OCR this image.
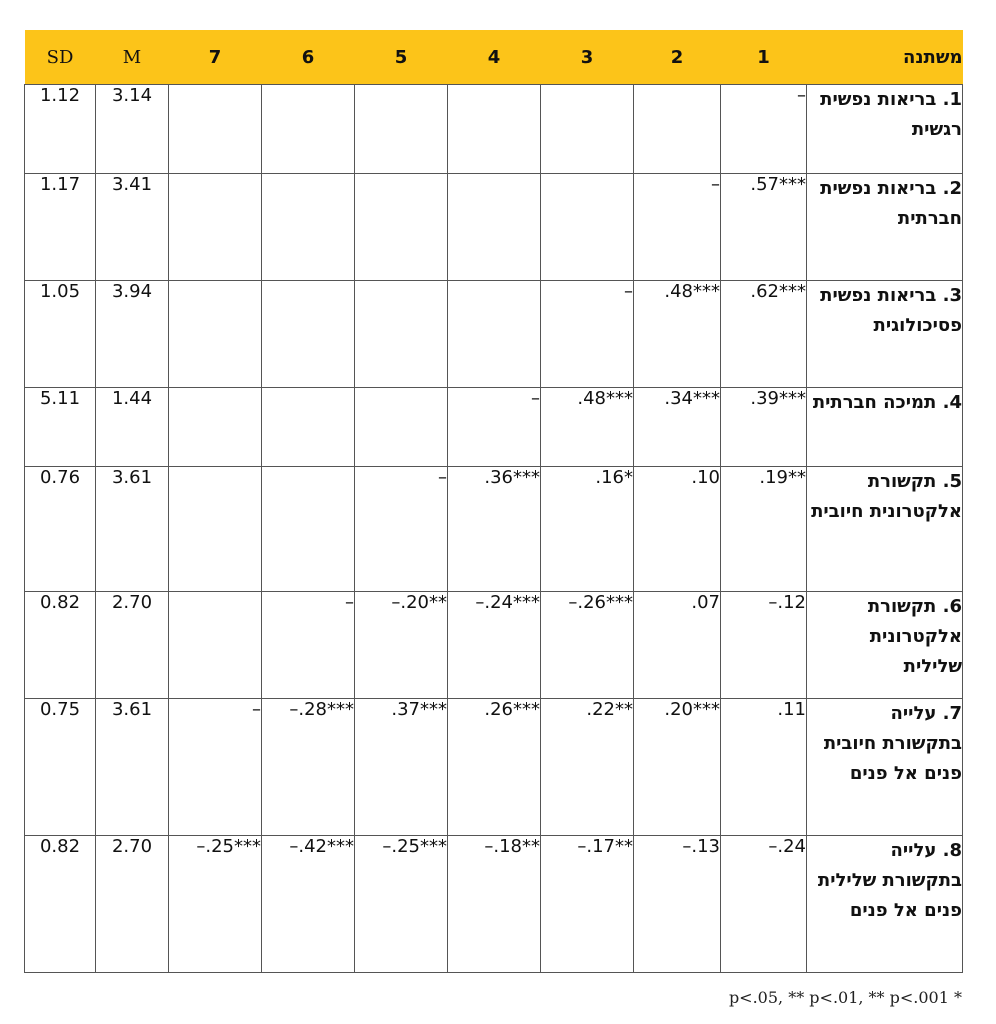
SD	M	7	6	5	4	3	2	1	משתנה
1.12	3.14							–	1. בריאות נפשית רגשית
1.17	3.41						–	.57***	2. בריאות נפשית חברתית
1.05	3.94					–	.48***	.62***	3. בריאות נפשית פסיכולוגית
5.11	1.44				–	.48***	.34***	.39***	4. תמיכה חברתית
0.76	3.61			–	.36***	.16*	.10	.19**	5. תקשורת אלקטרונית חיובית
0.82	2.70		–	–.20**	–.24***	–.26***	.07	–.12	6. תקשורת אלקטרונית שלילית
0.75	3.61	–	–.28***	.37***	.26***	.22**	.20***	.11	7. עלייה בתקשורת חיובית פנים אל פנים
0.82	2.70	–.25***	–.42***	–.25***	–.18**	–.17**	–.13	–.24	8. עלייה בתקשורת שלילית פנים אל פנים
p<.05, ** p<.01, ** p<.001 *
